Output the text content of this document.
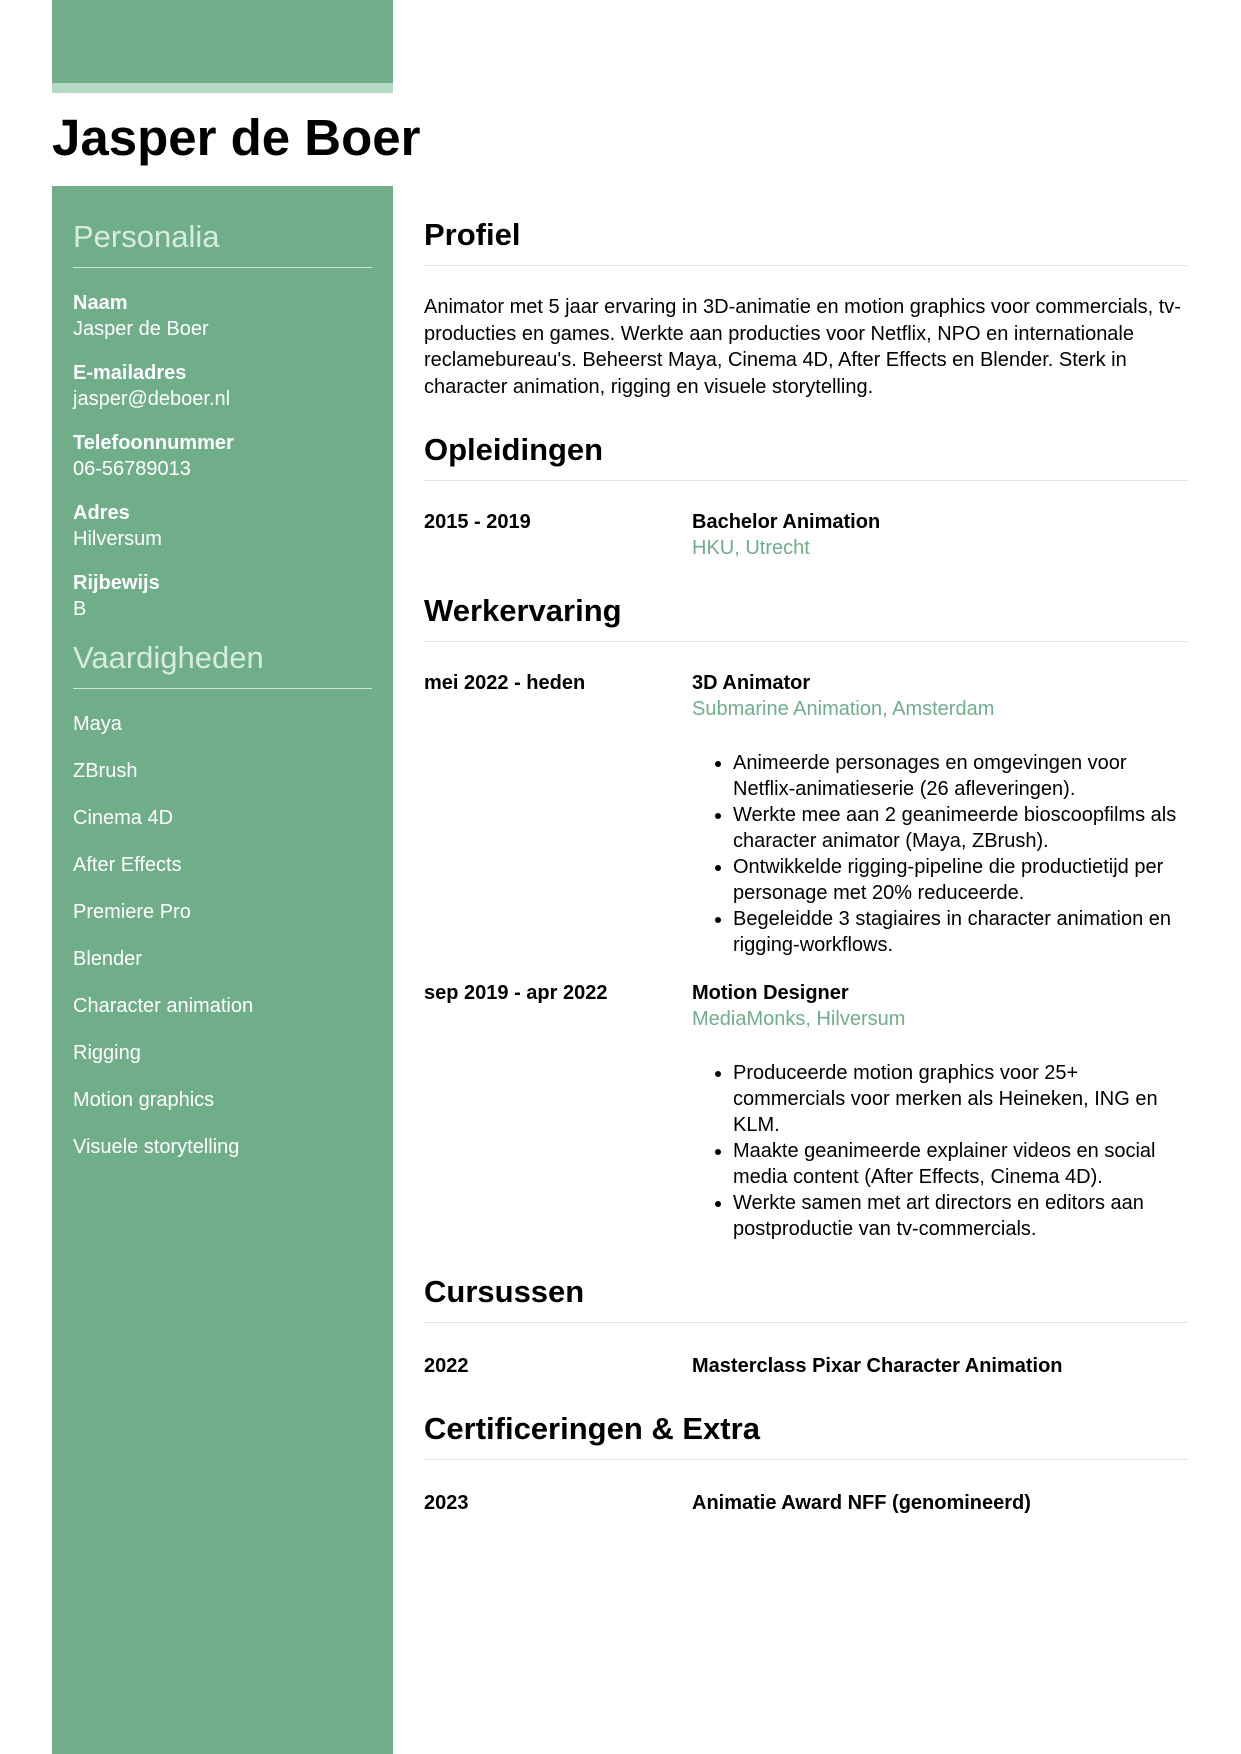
Jasper de Boer
Personalia
Naam
Jasper de Boer
E-mailadres
jasper@deboer.nl
Telefoonnummer
06-56789013
Adres
Hilversum
Rijbewijs
B
Vaardigheden
Maya
ZBrush
Cinema 4D
After Effects
Premiere Pro
Blender
Character animation
Rigging
Motion graphics
Visuele storytelling
Profiel

Animator met 5 jaar ervaring in 3D-animatie en motion graphics voor commercials, tv-producties en games. Werkte aan producties voor Netflix, NPO en internationale reclamebureau's. Beheerst Maya, Cinema 4D, After Effects en Blender. Sterk in character animation, rigging en visuele storytelling.

Opleidingen
2015 - 2019	Bachelor Animation
HKU, Utrecht
Werkervaring
mei 2022 - heden	3D Animator
Submarine Animation, Amsterdam
• Animeerde personages en omgevingen voor Netflix-animatieserie (26 afleveringen).
• Werkte mee aan 2 geanimeerde bioscoopfilms als character animator (Maya, ZBrush).
• Ontwikkelde rigging-pipeline die productietijd per personage met 20% reduceerde.
• Begeleidde 3 stagiaires in character animation en rigging-workflows.
sep 2019 - apr 2022	Motion Designer
MediaMonks, Hilversum
• Produceerde motion graphics voor 25+ commercials voor merken als Heineken, ING en KLM.
• Maakte geanimeerde explainer videos en social media content (After Effects, Cinema 4D).
• Werkte samen met art directors en editors aan postproductie van tv-commercials.
Cursussen
2022	Masterclass Pixar Character Animation
Certificeringen & Extra
2023	Animatie Award NFF (genomineerd)
